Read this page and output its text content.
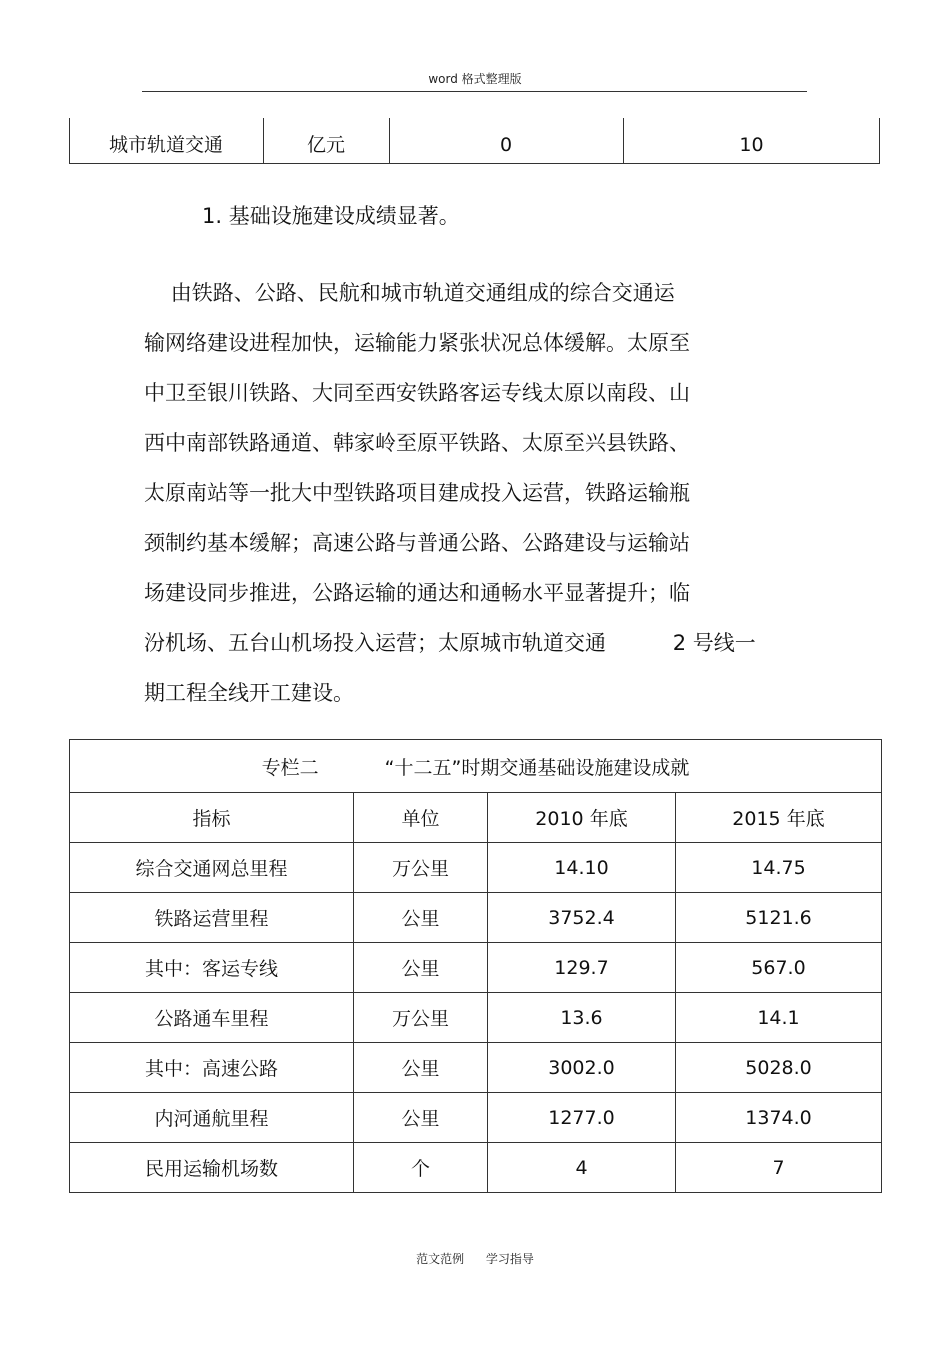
word 格式整理版
城市轨道交通	亿元	0	10
1. 基础设施建设成绩显著。
由铁路、公路、民航和城市轨道交通组成的综合交通运
输网络建设进程加快，运输能力紧张状况总体缓解。太原至
中卫至银川铁路、大同至西安铁路客运专线太原以南段、山
西中南部铁路通道、韩家岭至原平铁路、太原至兴县铁路、
太原南站等一批大中型铁路项目建成投入运营，铁路运输瓶
颈制约基本缓解；高速公路与普通公路、公路建设与运输站
场建设同步推进，公路运输的通达和通畅水平显著提升；临
汾机场、五台山机场投入运营；太原城市轨道交通          2 号线一
期工程全线开工建设。
专栏二 “十二五”时期交通基础设施建设成就			
指标	单位	2010 年底	2015 年底
综合交通网总里程	万公里	14.10	14.75
铁路运营里程	公里	3752.4	5121.6
其中：客运专线	公里	129.7	567.0
公路通车里程	万公里	13.6	14.1
其中：高速公路	公里	3002.0	5028.0
内河通航里程	公里	1277.0	1374.0
民用运输机场数	个	4	7
范文范例 学习指导
